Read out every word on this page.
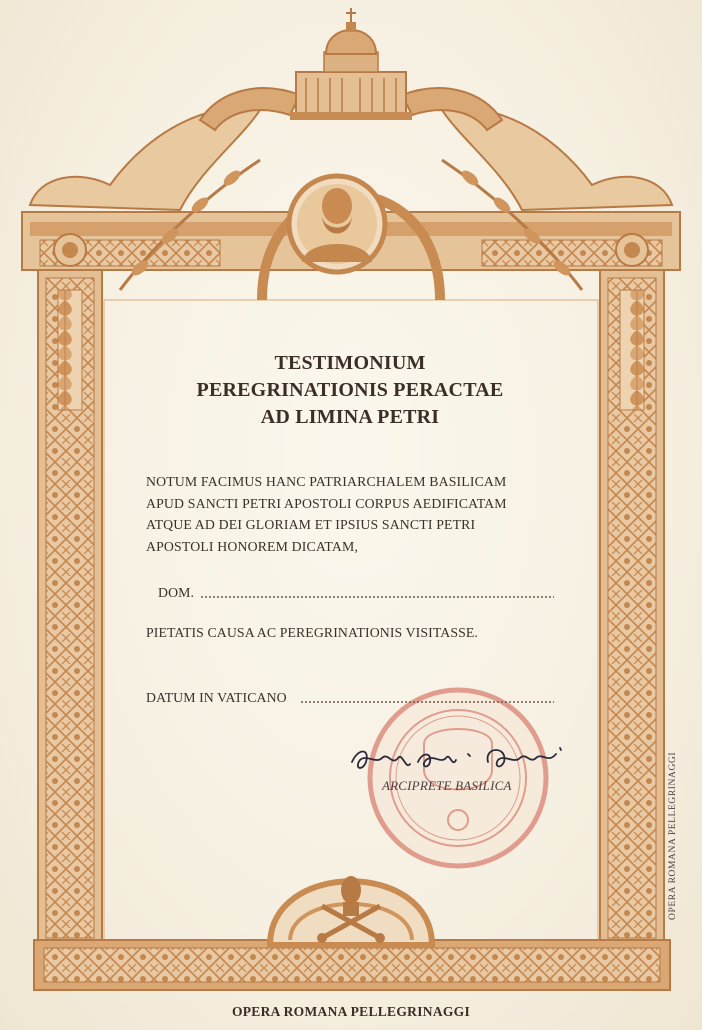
TESTIMONIUM
PEREGRINATIONIS PERACTAE
AD LIMINA PETRI
NOTUM FACIMUS HANC PATRIARCHALEM BASILICAM
APUD SANCTI PETRI APOSTOLI CORPUS AEDIFICATAM
ATQUE AD DEI GLORIAM ET IPSIUS SANCTI PETRI
APOSTOLI HONOREM DICATAM,
DOM.
PIETATIS CAUSA AC PEREGRINATIONIS VISITASSE.
DATUM IN VATICANO
ARCIPRETE BASILICA
OPERA ROMANA PELLEGRINAGGI
OPERA ROMANA PELLEGRINAGGI
